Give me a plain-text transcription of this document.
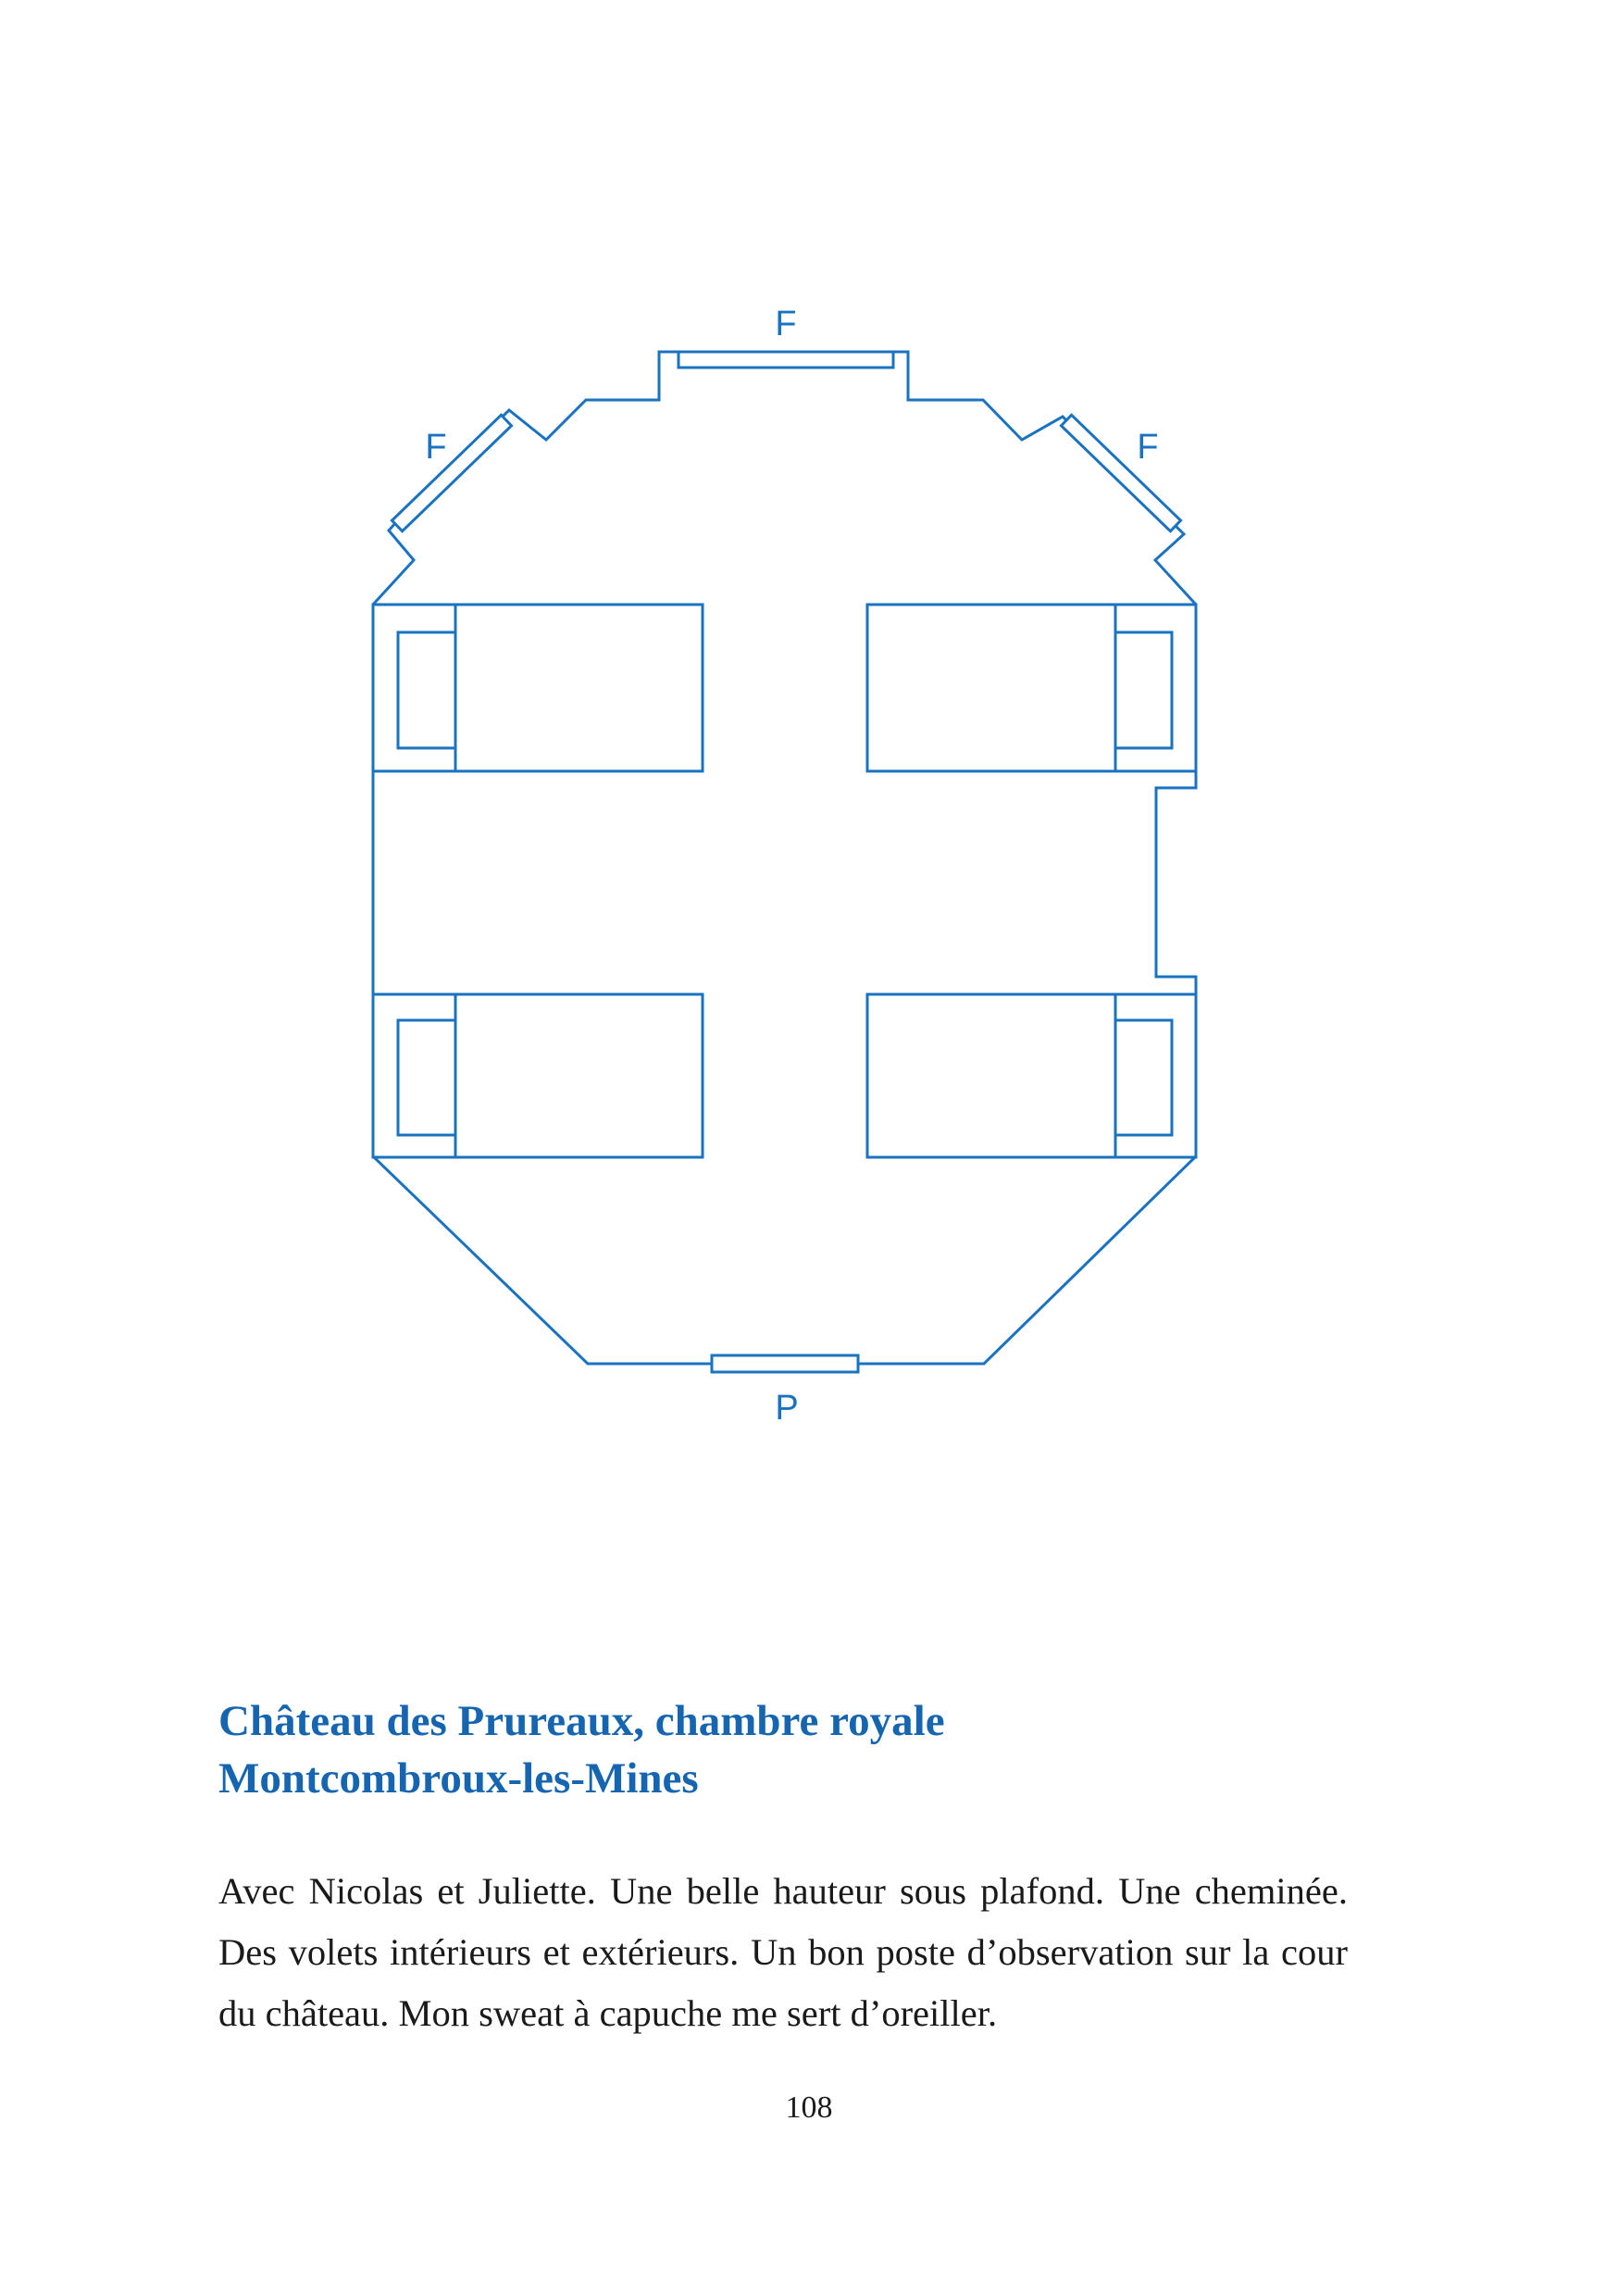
F
F	F
P
Château des Prureaux, chambre royale
Montcombroux-les-Mines

Avec Nicolas et Juliette. Une belle hauteur sous plafond. Une cheminée. Des volets intérieurs et extérieurs. Un bon poste d’observation sur la cour du château. Mon sweat à capuche me sert d’oreiller.

108
